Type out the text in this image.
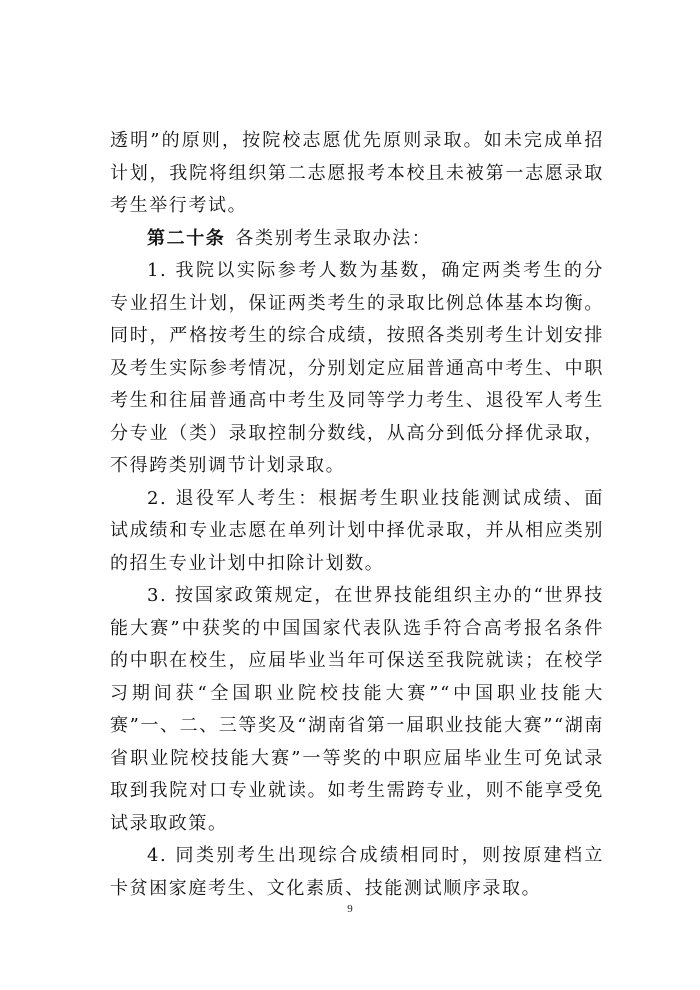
透明”的原则，按院校志愿优先原则录取。如未完成单招计划，我院将组织第二志愿报考本校且未被第一志愿录取考生举行考试。

第二十条 各类别考生录取办法：

1. 我院以实际参考人数为基数，确定两类考生的分专业招生计划，保证两类考生的录取比例总体基本均衡。同时，严格按考生的综合成绩，按照各类别考生计划安排及考生实际参考情况，分别划定应届普通高中考生、中职考生和往届普通高中考生及同等学力考生、退役军人考生分专业（类）录取控制分数线，从高分到低分择优录取，不得跨类别调节计划录取。

2. 退役军人考生：根据考生职业技能测试成绩、面试成绩和专业志愿在单列计划中择优录取，并从相应类别的招生专业计划中扣除计划数。

3. 按国家政策规定，在世界技能组织主办的“世界技能大赛”中获奖的中国国家代表队选手符合高考报名条件的中职在校生，应届毕业当年可保送至我院就读；在校学习期间获“全国职业院校技能大赛”“中国职业技能大赛”一、二、三等奖及“湖南省第一届职业技能大赛”“湖南省职业院校技能大赛”一等奖的中职应届毕业生可免试录取到我院对口专业就读。如考生需跨专业，则不能享受免试录取政策。

4. 同类别考生出现综合成绩相同时，则按原建档立卡贫困家庭考生、文化素质、技能测试顺序录取。

9
